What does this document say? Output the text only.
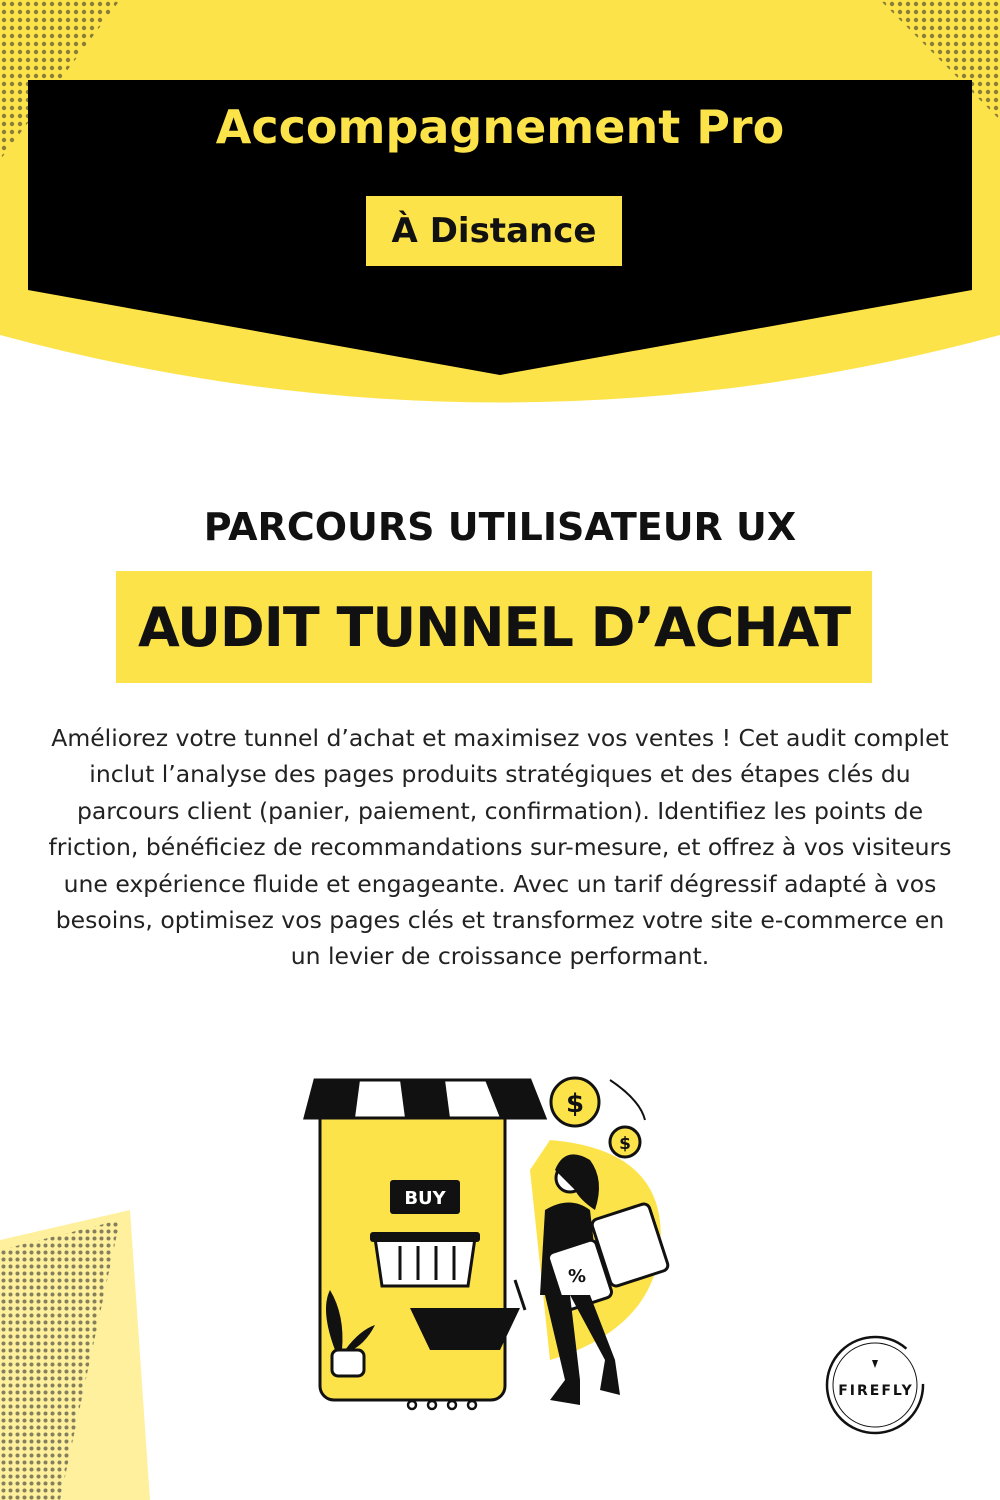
Accompagnement Pro
À Distance
PARCOURS UTILISATEUR UX
AUDIT TUNNEL D’ACHAT
Améliorez votre tunnel d’achat et maximisez vos ventes ! Cet audit complet inclut l’analyse des pages produits stratégiques et des étapes clés du parcours client (panier, paiement, confirmation). Identifiez les points de friction, bénéficiez de recommandations sur-mesure, et offrez à vos visiteurs une expérience fluide et engageante. Avec un tarif dégressif adapté à vos besoins, optimisez vos pages clés et transformez votre site e-commerce en un levier de croissance performant.
BUY
%
$
$
FIREFLY
